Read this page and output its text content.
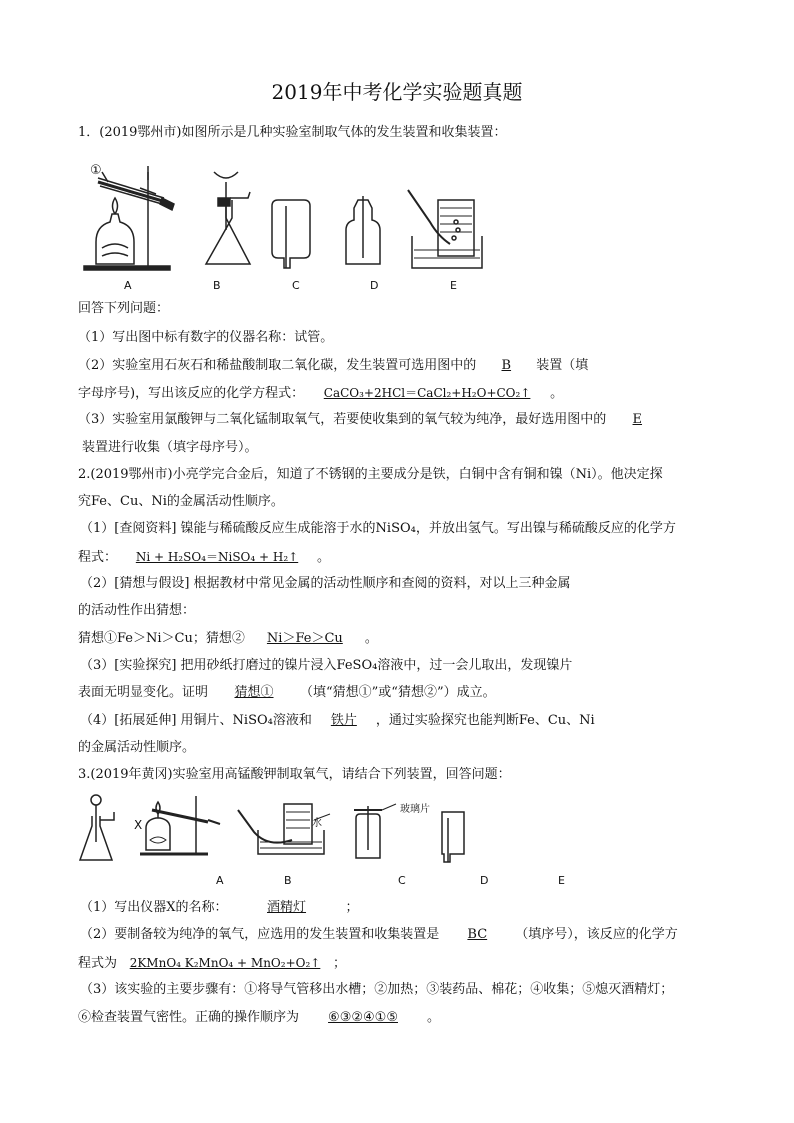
2019年中考化学实验题真题
1．(2019鄂州市)如图所示是几种实验室制取气体的发生装置和收集装置：
①
A	B	C	D	E
回答下列问题：
（1）写出图中标有数字的仪器名称：试管。
（2）实验室用石灰石和稀盐酸制取二氧化碳，发生装置可选用图中的 B 装置（填
字母序号)，写出该反应的化学方程式： CaCO₃+2HCl＝CaCl₂+H₂O+CO₂↑ 。
（3）实验室用氯酸钾与二氧化锰制取氧气，若要使收集到的氧气较为纯净，最好选用图中的 E
装置进行收集（填字母序号）。
2.(2019鄂州市)小亮学完合金后，知道了不锈钢的主要成分是铁，白铜中含有铜和镍（Ni）。他决定探
究Fe、Cu、Ni的金属活动性顺序。
（1）[查阅资料] 镍能与稀硫酸反应生成能溶于水的NiSO₄，并放出氢气。写出镍与稀硫酸反应的化学方
程式： Ni + H₂SO₄＝NiSO₄ + H₂↑ 。
（2）[猜想与假设] 根据教材中常见金属的活动性顺序和查阅的资料，对以上三种金属
的活动性作出猜想：
猜想①Fe＞Ni＞Cu；猜想② Ni＞Fe＞Cu 。
（3）[实验探究] 把用砂纸打磨过的镍片浸入FeSO₄溶液中，过一会儿取出，发现镍片
表面无明显变化。证明 猜想① （填“猜想①”或“猜想②”）成立。
（4）[拓展延伸] 用铜片、NiSO₄溶液和 铁片 ，通过实验探究也能判断Fe、Cu、Ni
的金属活动性顺序。
3.(2019年黄冈)实验室用高锰酸钾制取氧气，请结合下列装置，回答问题：
X	水
玻璃片
A	B	C	D	E
（1）写出仪器X的名称：	酒精灯	；
（2）要制备较为纯净的氧气，应选用的发生装置和收集装置是 BC （填序号），该反应的化学方
程式为 2KMnO₄ K₂MnO₄ + MnO₂+O₂↑ ；
（3）该实验的主要步骤有：①将导气管移出水槽；②加热；③装药品、棉花；④收集；⑤熄灭酒精灯；
⑥检查装置气密性。正确的操作顺序为 ⑥③②④①⑤ 。
